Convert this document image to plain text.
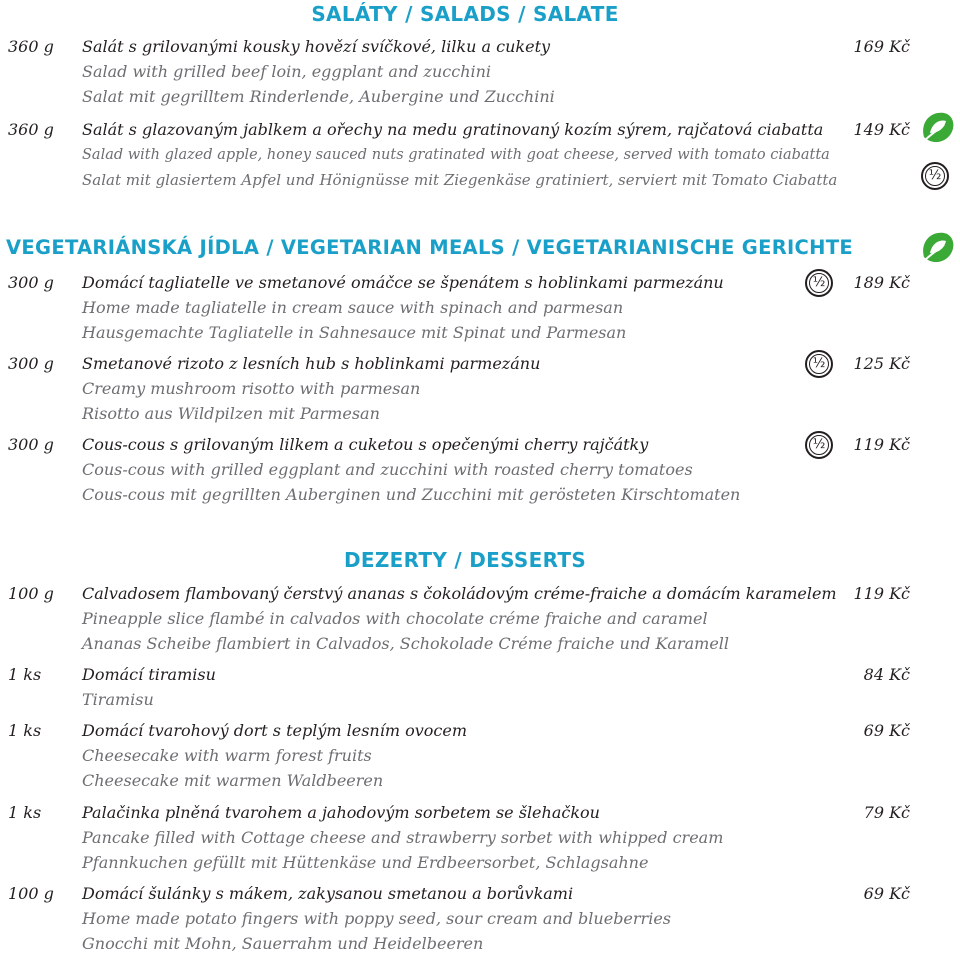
SALÁTY / SALADS / SALATE
360 g Salát s grilovanými kousky hovězí svíčkové, lilku a cukety	169 Kč
Salad with grilled beef loin, eggplant and zucchini
Salat mit gegrilltem Rinderlende, Aubergine und Zucchini
360 g Salát s glazovaným jablkem a ořechy na medu gratinovaný kozím sýrem, rajčatová ciabatta 149 Kč
Salad with glazed apple, honey sauced nuts gratinated with goat cheese, served with tomato ciabatta
Salat mit glasiertem Apfel und Hönignüsse mit Ziegenkäse gratiniert, serviert mit Tomato Ciabatta	½
VEGETARIÁNSKÁ JÍDLA / VEGETARIAN MEALS / VEGETARIANISCHE GERICHTE
300 g Domácí tagliatelle ve smetanové omáčce se špenátem s hoblinkami parmezánu	½	189 Kč
Home made tagliatelle in cream sauce with spinach and parmesan
Hausgemachte Tagliatelle in Sahnesauce mit Spinat und Parmesan
300 g Smetanové rizoto z lesních hub s hoblinkami parmezánu	½	125 Kč
Creamy mushroom risotto with parmesan
Risotto aus Wildpilzen mit Parmesan
300 g Cous-cous s grilovaným lilkem a cuketou s opečenými cherry rajčátky	½	119 Kč
Cous-cous with grilled eggplant and zucchini with roasted cherry tomatoes
Cous-cous mit gegrillten Auberginen und Zucchini mit gerösteten Kirschtomaten
DEZERTY / DESSERTS
100 g Calvadosem flambovaný čerstvý ananas s čokoládovým créme-fraiche a domácím karamelem 119 Kč
Pineapple slice flambé in calvados with chocolate créme fraiche and caramel
Ananas Scheibe flambiert in Calvados, Schokolade Créme fraiche und Karamell
1 ks	Domácí tiramisu	84 Kč
Tiramisu
1 ks	Domácí tvarohový dort s teplým lesním ovocem	69 Kč
Cheesecake with warm forest fruits
Cheesecake mit warmen Waldbeeren
1 ks	Palačinka plněná tvarohem a jahodovým sorbetem se šlehačkou	79 Kč
Pancake filled with Cottage cheese and strawberry sorbet with whipped cream
Pfannkuchen gefüllt mit Hüttenkäse und Erdbeersorbet, Schlagsahne
100 g Domácí šulánky s mákem, zakysanou smetanou a borůvkami	69 Kč
Home made potato fingers with poppy seed, sour cream and blueberries
Gnocchi mit Mohn, Sauerrahm und Heidelbeeren
